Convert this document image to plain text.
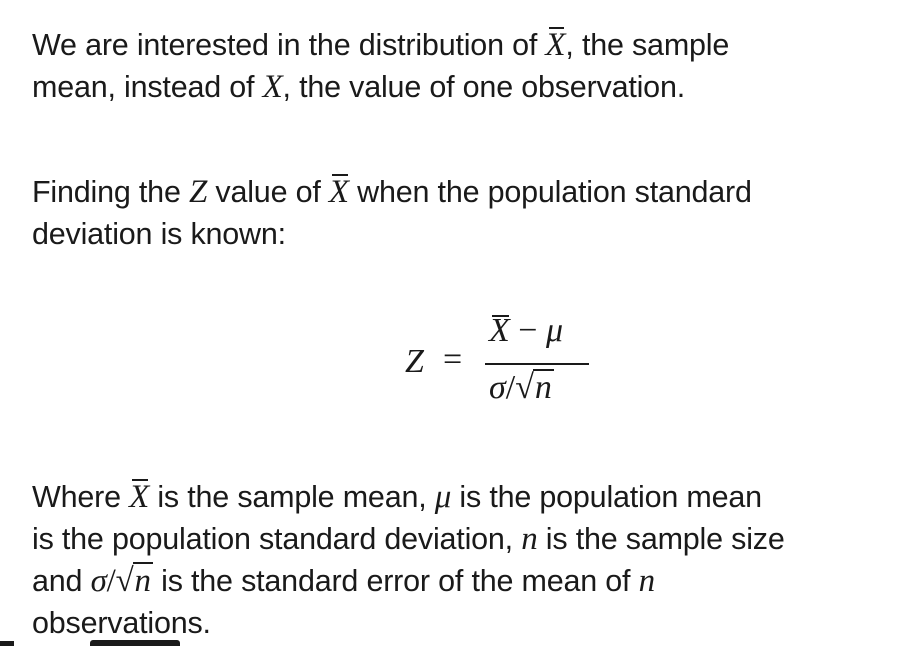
We are interested in the distribution of X, the sample
mean, instead of X, the value of one observation.
Finding the Z value of X when the population standard
deviation is known:
Z =
X − μ
σ/√n
Where X is the sample mean, μ is the population mean
is the population standard deviation, n is the sample size
and σ/√n is the standard error of the mean of n
observations.
